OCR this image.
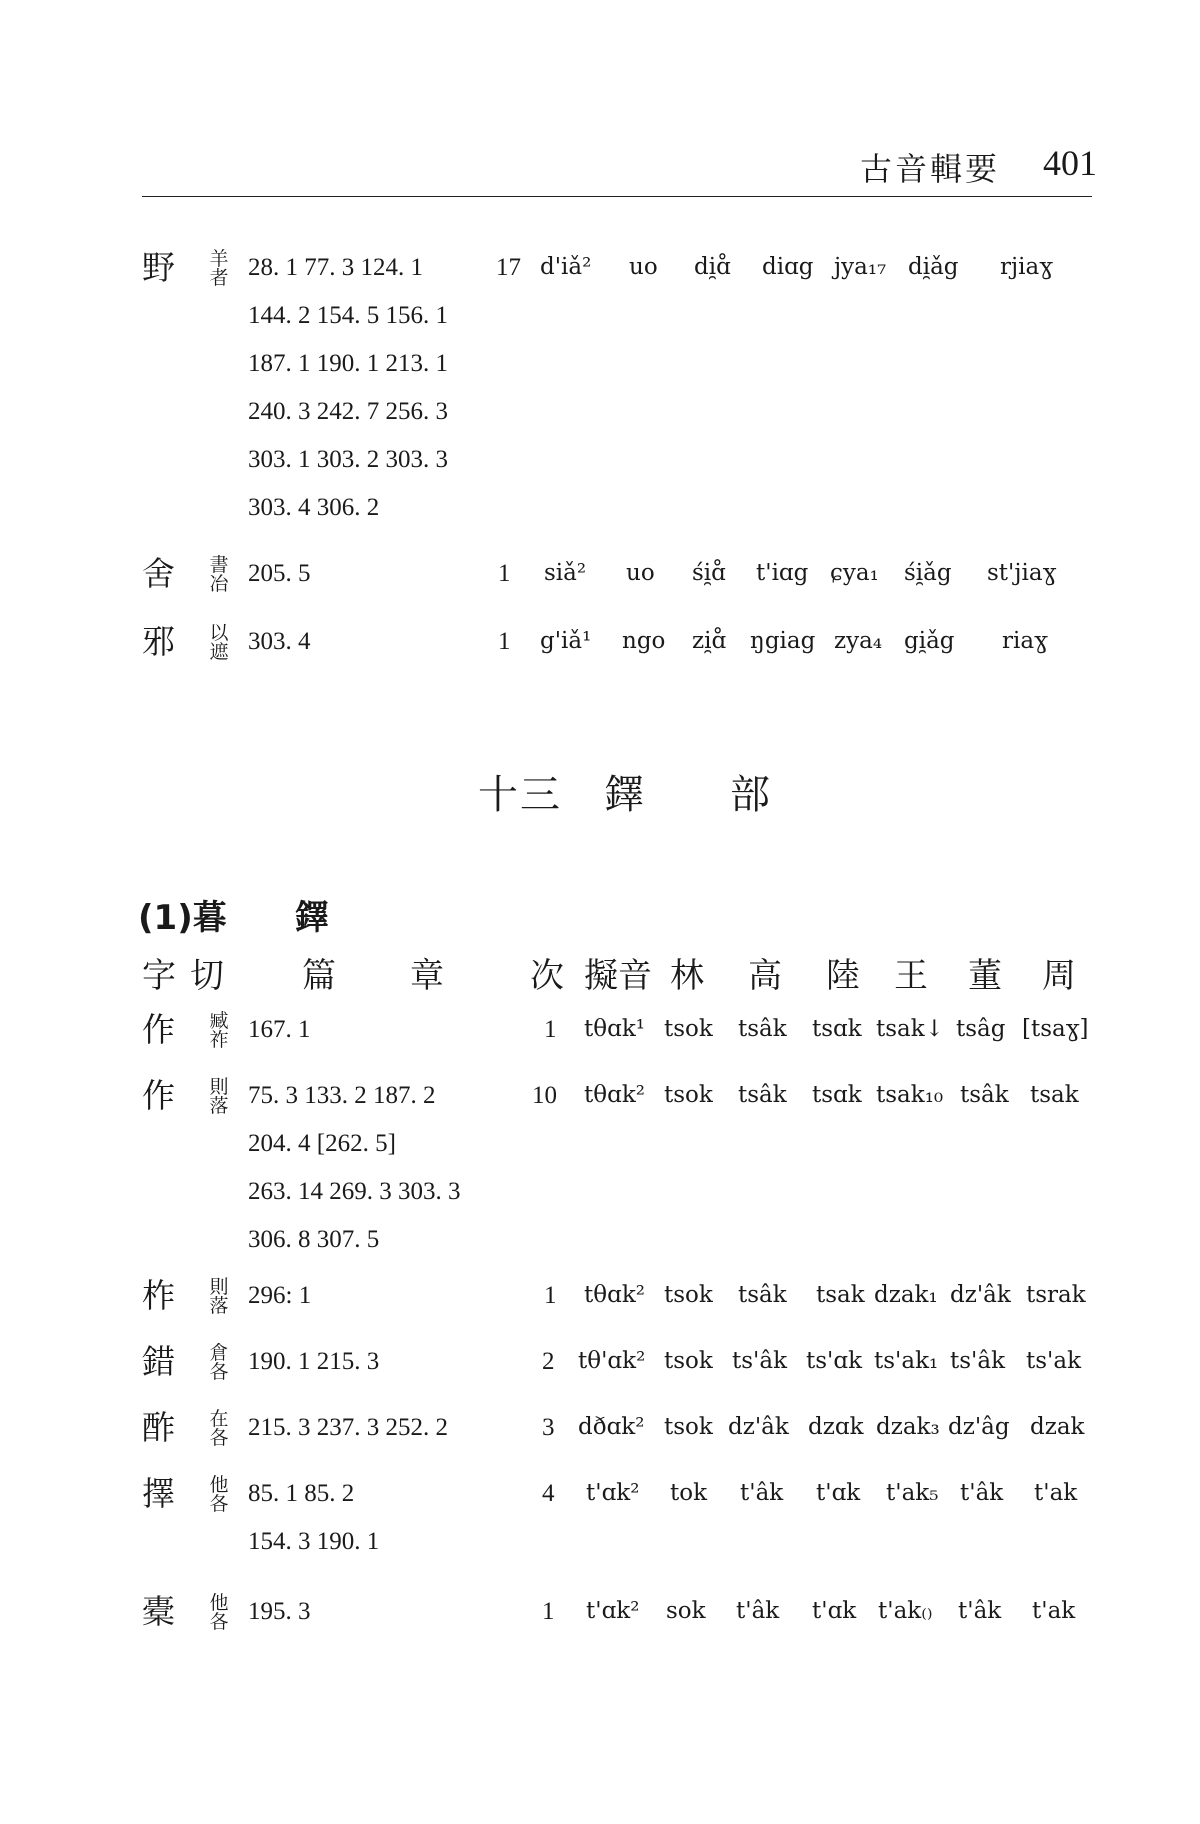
古音輯要 401
野 羊者 28. 1 77. 3 124. 1	17 d'iǎ² uo di̯ɑ̊ diɑg jya₁₇ di̯ǎg rjiaɣ
144. 2 154. 5 156. 1
187. 1 190. 1 213. 1
240. 3 242. 7 256. 3
303. 1 303. 2 303. 3
303. 4 306. 2
舍 書冶 205. 5	1 siǎ² uo śi̯ɑ̊ t'iɑg ɕya₁ śi̯ǎg st'jiaɣ
邪 以遮 303. 4	1 g'iǎ¹ ngo zi̯ɑ̊ ŋgiag zya₄ gi̯ǎg riaɣ
十三　鐸　　部
(1)暮　　鐸
字 切 篇 章	次 擬音 林 高 陸 王 董 周
作 臧祚 167. 1	1 tθɑk¹ tsok tsâk tsɑk tsak↓ tsâg [tsaɣ]
作 則落 75. 3 133. 2 187. 2	10 tθɑk² tsok tsâk tsɑk tsak₁₀ tsâk tsak
204. 4 [262. 5]
263. 14 269. 3 303. 3
306. 8 307. 5
柞 則落 296: 1	1 tθɑk² tsok tsâk tsak dzak₁ dz'âk tsrak
錯 倉各 190. 1 215. 3	2 tθ'ɑk² tsok ts'âk ts'ɑk ts'ak₁ ts'âk ts'ak
酢 在各 215. 3 237. 3 252. 2	3 dðɑk² tsok dz'âk dzɑk dzak₃ dz'âg dzak
擇 他各 85. 1 85. 2	4 t'ɑk² tok t'âk t'ɑk t'ak₅ t'âk t'ak
154. 3 190. 1
橐 他各 195. 3	1 t'ɑk² sok t'âk t'ɑk t'ak₍₎ t'âk t'ak
